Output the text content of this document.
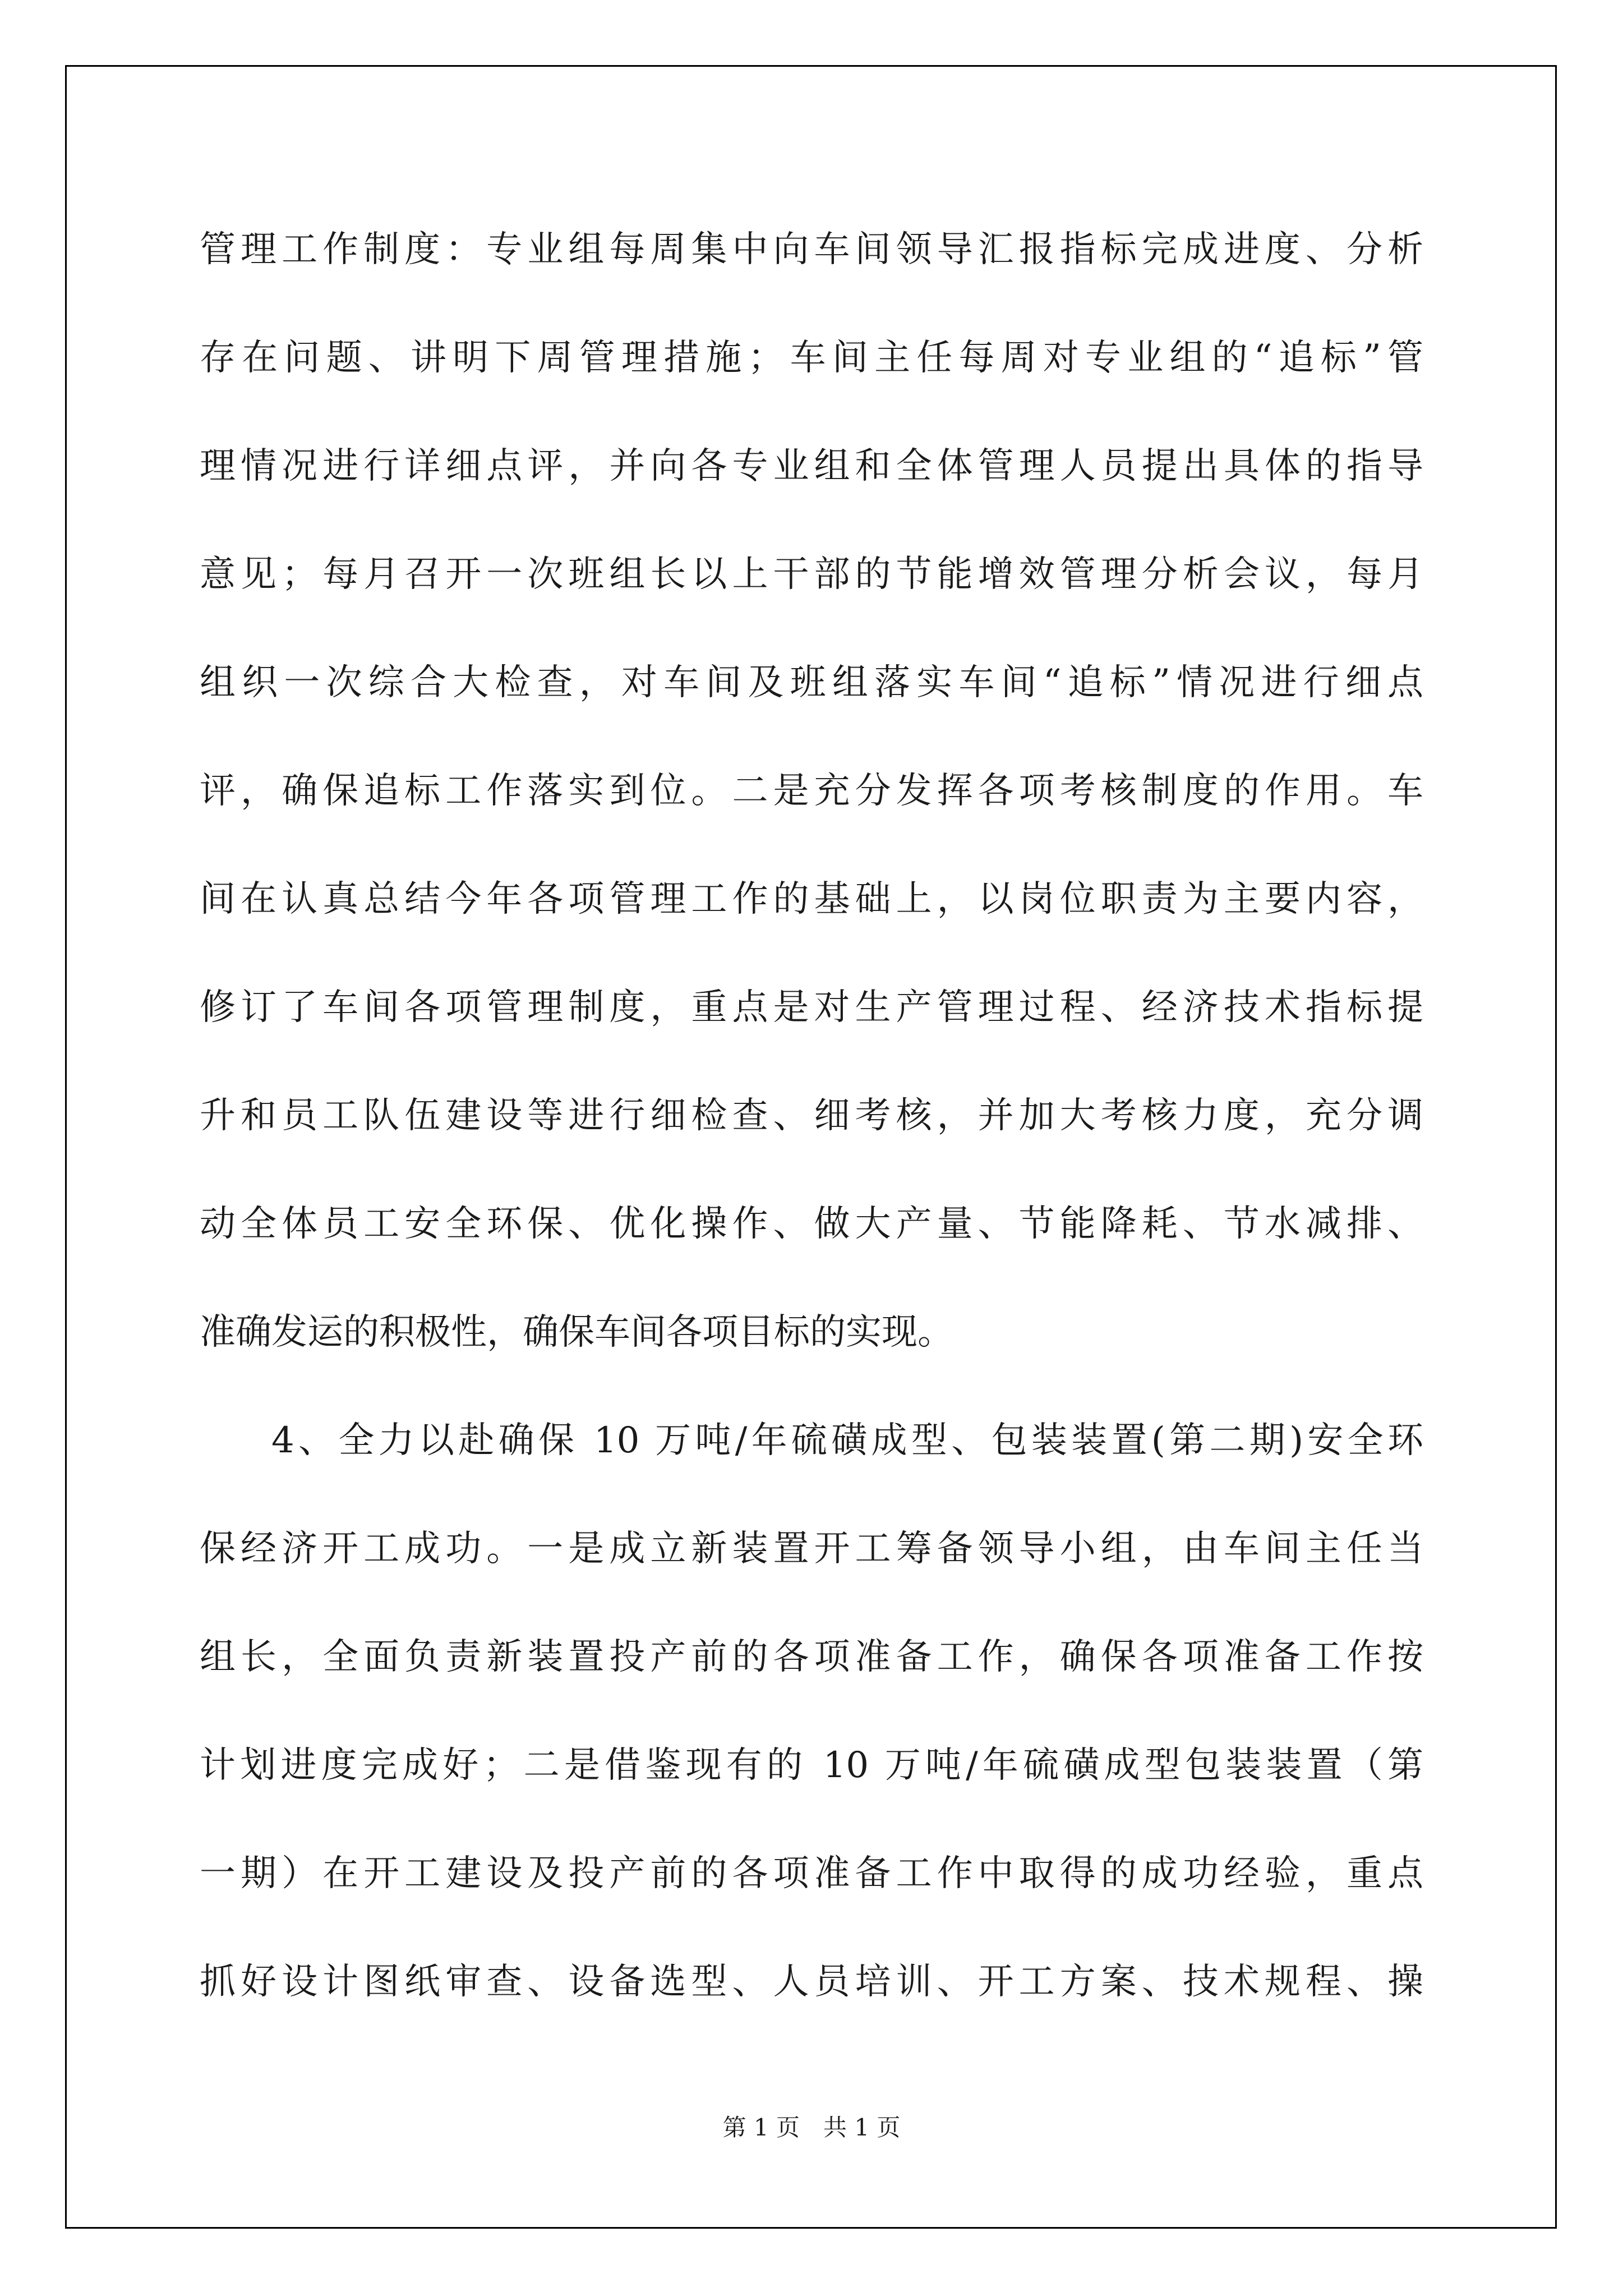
管理工作制度：专业组每周集中向车间领导汇报指标完成进度、分析
存在问题、讲明下周管理措施；车间主任每周对专业组的“追标”管
理情况进行详细点评，并向各专业组和全体管理人员提出具体的指导
意见；每月召开一次班组长以上干部的节能增效管理分析会议，每月
组织一次综合大检查，对车间及班组落实车间“追标”情况进行细点
评，确保追标工作落实到位。二是充分发挥各项考核制度的作用。车
间在认真总结今年各项管理工作的基础上，以岗位职责为主要内容，
修订了车间各项管理制度，重点是对生产管理过程、经济技术指标提
升和员工队伍建设等进行细检查、细考核，并加大考核力度，充分调
动全体员工安全环保、优化操作、做大产量、节能降耗、节水减排、
准确发运的积极性，确保车间各项目标的实现。
4、全力以赴确保 10 万吨/年硫磺成型、包装装置(第二期)安全环
保经济开工成功。一是成立新装置开工筹备领导小组，由车间主任当
组长，全面负责新装置投产前的各项准备工作，确保各项准备工作按
计划进度完成好；二是借鉴现有的 10 万吨/年硫磺成型包装装置（第
一期）在开工建设及投产前的各项准备工作中取得的成功经验，重点
抓好设计图纸审查、设备选型、人员培训、开工方案、技术规程、操
第 1 页　共 1 页
